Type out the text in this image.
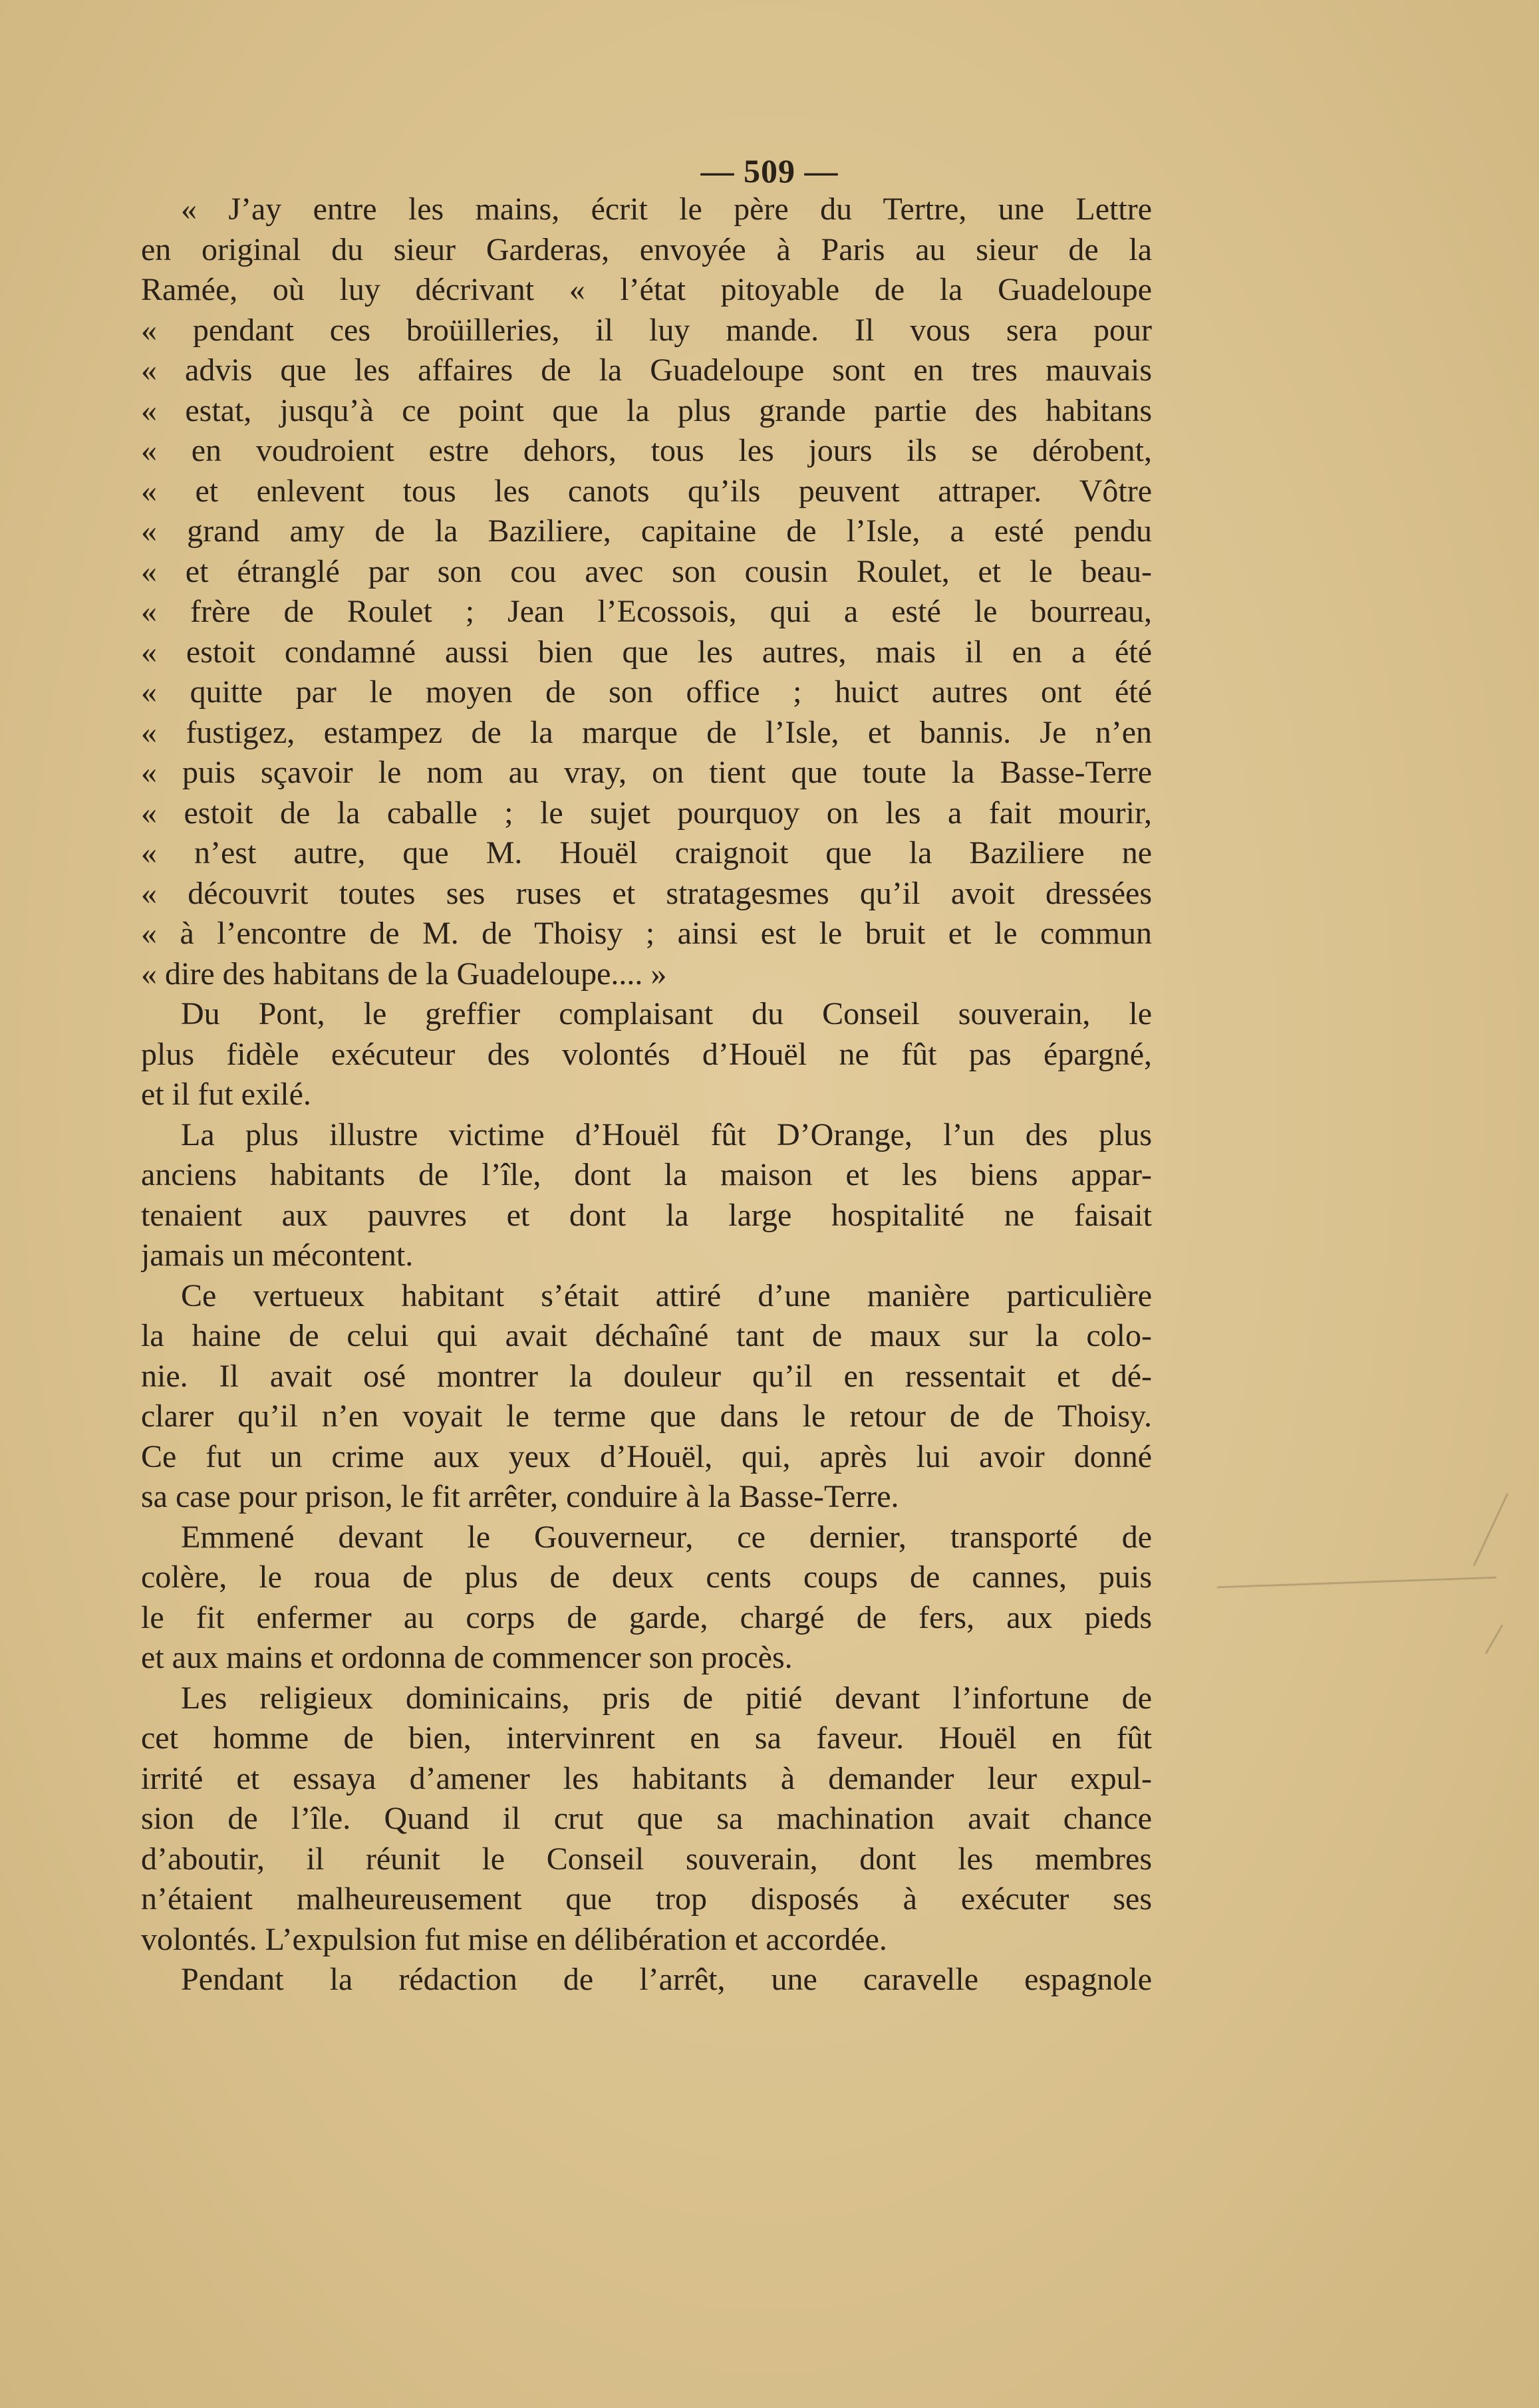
— 509 —
« J’ay entre les mains, écrit le père du Tertre, une Lettre
en original du sieur Garderas, envoyée à Paris au sieur de la
Ramée, où luy décrivant « l’état pitoyable de la Guadeloupe
« pendant ces broüilleries, il luy mande. Il vous sera pour
« advis que les affaires de la Guadeloupe sont en tres mauvais
« estat, jusqu’à ce point que la plus grande partie des habitans
« en voudroient estre dehors, tous les jours ils se dérobent,
« et enlevent tous les canots qu’ils peuvent attraper. Vôtre
« grand amy de la Baziliere, capitaine de l’Isle, a esté pendu
« et étranglé par son cou avec son cousin Roulet, et le beau-
« frère de Roulet ; Jean l’Ecossois, qui a esté le bourreau,
« estoit condamné aussi bien que les autres, mais il en a été
« quitte par le moyen de son office ; huict autres ont été
« fustigez, estampez de la marque de l’Isle, et bannis. Je n’en
« puis sçavoir le nom au vray, on tient que toute la Basse-Terre
« estoit de la caballe ; le sujet pourquoy on les a fait mourir,
« n’est autre, que M. Houël craignoit que la Baziliere ne
« découvrit toutes ses ruses et stratagesmes qu’il avoit dressées
« à l’encontre de M. de Thoisy ; ainsi est le bruit et le commun
« dire des habitans de la Guadeloupe.... »
Du Pont, le greffier complaisant du Conseil souverain, le
plus fidèle exécuteur des volontés d’Houël ne fût pas épargné,
et il fut exilé.
La plus illustre victime d’Houël fût D’Orange, l’un des plus
anciens habitants de l’île, dont la maison et les biens appar-
tenaient aux pauvres et dont la large hospitalité ne faisait
jamais un mécontent.
Ce vertueux habitant s’était attiré d’une manière particulière
la haine de celui qui avait déchaîné tant de maux sur la colo-
nie. Il avait osé montrer la douleur qu’il en ressentait et dé-
clarer qu’il n’en voyait le terme que dans le retour de de Thoisy.
Ce fut un crime aux yeux d’Houël, qui, après lui avoir donné
sa case pour prison, le fit arrêter, conduire à la Basse-Terre.
Emmené devant le Gouverneur, ce dernier, transporté de
colère, le roua de plus de deux cents coups de cannes, puis
le fit enfermer au corps de garde, chargé de fers, aux pieds
et aux mains et ordonna de commencer son procès.
Les religieux dominicains, pris de pitié devant l’infortune de
cet homme de bien, intervinrent en sa faveur. Houël en fût
irrité et essaya d’amener les habitants à demander leur expul-
sion de l’île. Quand il crut que sa machination avait chance
d’aboutir, il réunit le Conseil souverain, dont les membres
n’étaient malheureusement que trop disposés à exécuter ses
volontés. L’expulsion fut mise en délibération et accordée.
Pendant la rédaction de l’arrêt, une caravelle espagnole
